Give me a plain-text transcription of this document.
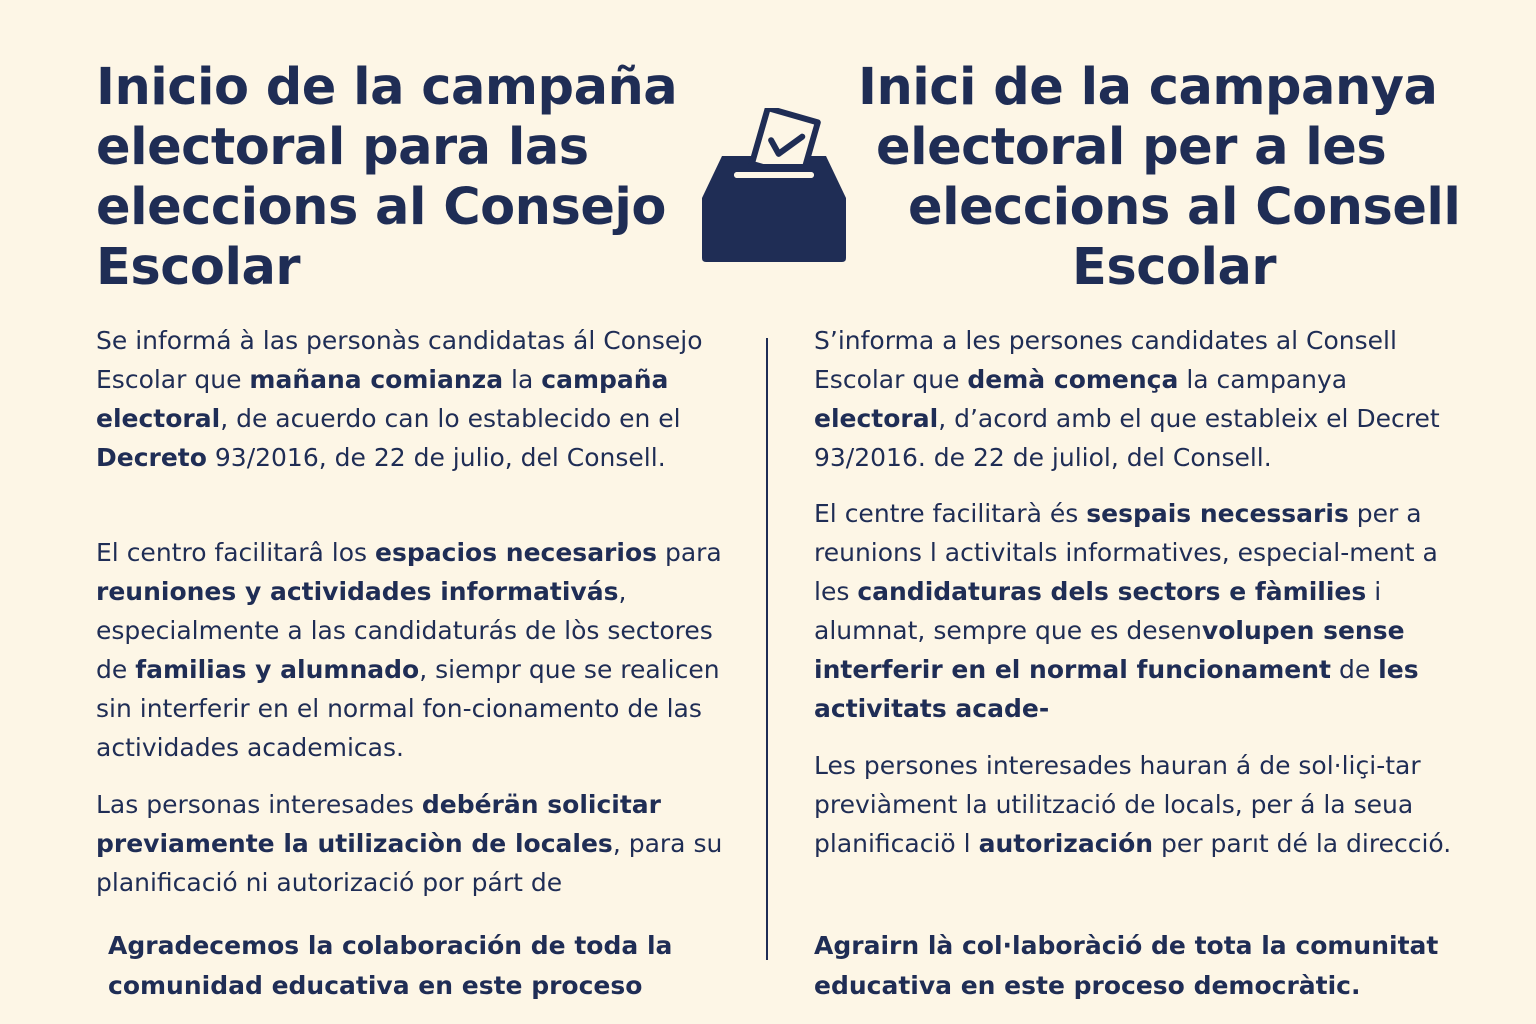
Inicio de la campaña electoral para las eleccions al Consejo Escolar

Se informá à las personàs candidatas ál Consejo Escolar que mañana comianza la campaña electoral, de acuerdo can lo establecido en el Decreto 93/2016, de 22 de julio, del Consell.

El centro facilitarâ los espacios necesarios para reuniones y actividades informativás, especialmente a las candidaturás de lòs sectores de familias y alumnado, siempr que se realicen sin interferir en el normal fon-cionamento de las actividades academicas.

Las personas interesades debérän solicitar previamente la utilizaciòn de locales, para su planificació ni autorizació por párt de

Agradecemos la colaboración de toda la comunidad educativa en este proceso

Inici de la campanya
electoral per a les
eleccions al Consell
Escolar

S’informa a les persones candidates al Consell Escolar que demà començа la campanya electoral, d’acord amb el que estableix el Decret 93/2016. de 22 de juliol, del Consell.

El centre facilitarà és sespais necessaris per a reunions l activitals informatives, especial-ment a les candidaturas dels sectors e fàmilies i alumnat, sempre que es desenvolupen sense interferir en el normal funcionament de les activitats acade-

Les persones interesades hauran á de sol·liçi-tar previàment la utilització de locals, per á la seua planificaciö l autorización per parıt dé la direcció.

Agrairn là col·laboràció de tota la comunitat educativa en este proceso democràtic.
